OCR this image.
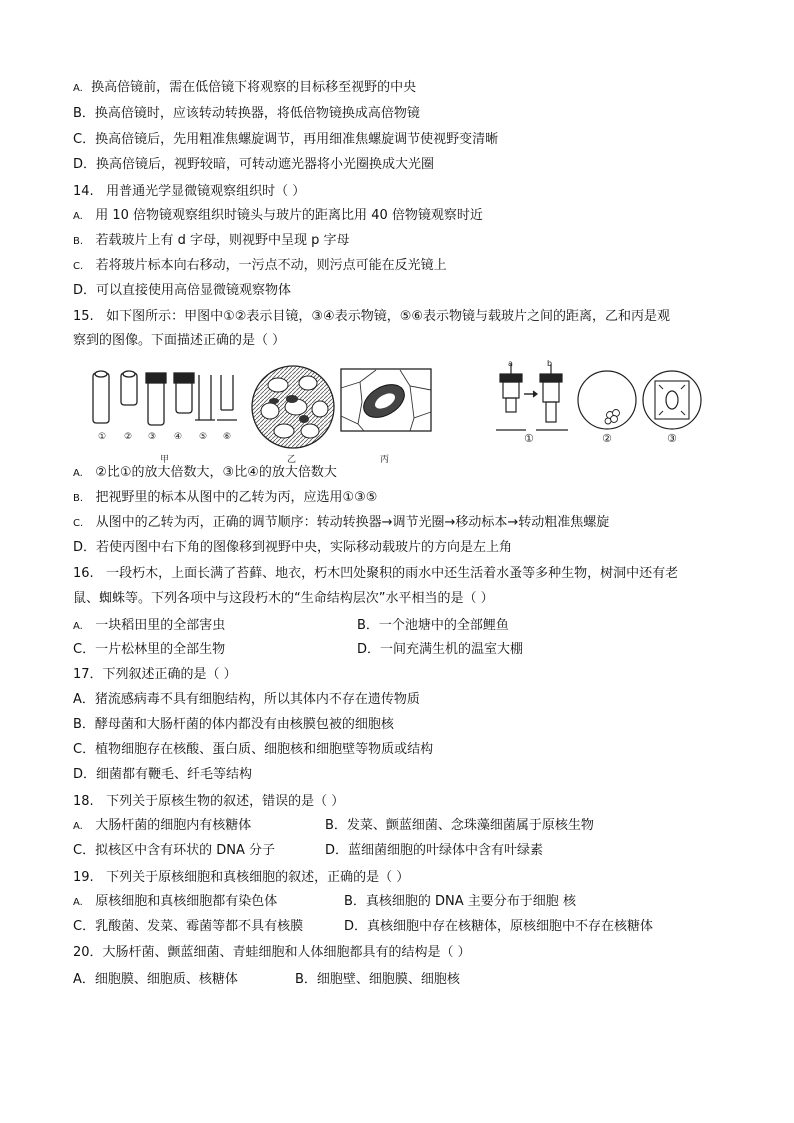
A. 换高倍镜前，需在低倍镜下将观察的目标移至视野的中央
B．换高倍镜时，应该转动转换器，将低倍物镜换成高倍物镜
C．换高倍镜后，先用粗准焦螺旋调节，再用细准焦螺旋调节使视野变清晰
D．换高倍镜后，视野较暗，可转动遮光器将小光圈换成大光圈
14. 用普通光学显微镜观察组织时（ ）
A. 用 10 倍物镜观察组织时镜头与玻片的距离比用 40 倍物镜观察时近
B. 若载玻片上有 d 字母，则视野中呈现 p 字母
C. 若将玻片标本向右移动，一污点不动，则污点可能在反光镜上
D．可以直接使用高倍显微镜观察物体
15. 如下图所示：甲图中①②表示目镜，③④表示物镜，⑤⑥表示物镜与载玻片之间的距离，乙和丙是观
察到的图像。下面描述正确的是（ ）
① ② ③ ④ ⑤ ⑥
甲	乙	丙
a	b
①	②	③
A. ②比①的放大倍数大，③比④的放大倍数大
B. 把视野里的标本从图中的乙转为丙，应选用①③⑤
C. 从图中的乙转为丙，正确的调节顺序：转动转换器→调节光圈→移动标本→转动粗准焦螺旋
D．若使丙图中右下角的图像移到视野中央，实际移动载玻片的方向是左上角
16. 一段朽木，上面长满了苔藓、地衣，朽木凹处聚积的雨水中还生活着水蚤等多种生物，树洞中还有老
鼠、蜘蛛等。下列各项中与这段朽木的“生命结构层次”水平相当的是（ ）
A. 一块稻田里的全部害虫	B．一个池塘中的全部鲤鱼
C．一片松林里的全部生物	D．一间充满生机的温室大棚
17．下列叙述正确的是（ ）
A．猪流感病毒不具有细胞结构，所以其体内不存在遗传物质
B．酵母菌和大肠杆菌的体内都没有由核膜包被的细胞核
C．植物细胞存在核酸、蛋白质、细胞核和细胞壁等物质或结构
D．细菌都有鞭毛、纤毛等结构
18. 下列关于原核生物的叙述，错误的是（ ）
A. 大肠杆菌的细胞内有核糖体	B．发菜、颤蓝细菌、念珠藻细菌属于原核生物
C．拟核区中含有环状的 DNA 分子	D．蓝细菌细胞的叶绿体中含有叶绿素
19. 下列关于原核细胞和真核细胞的叙述，正确的是（ ）
A. 原核细胞和真核细胞都有染色体	B．真核细胞的 DNA 主要分布于细胞 核
C．乳酸菌、发菜、霉菌等都不具有核膜	D．真核细胞中存在核糖体，原核细胞中不存在核糖体
20．大肠杆菌、颤蓝细菌、青蛙细胞和人体细胞都具有的结构是（ ）
A．细胞膜、细胞质、核糖体	B．细胞壁、细胞膜、细胞核
